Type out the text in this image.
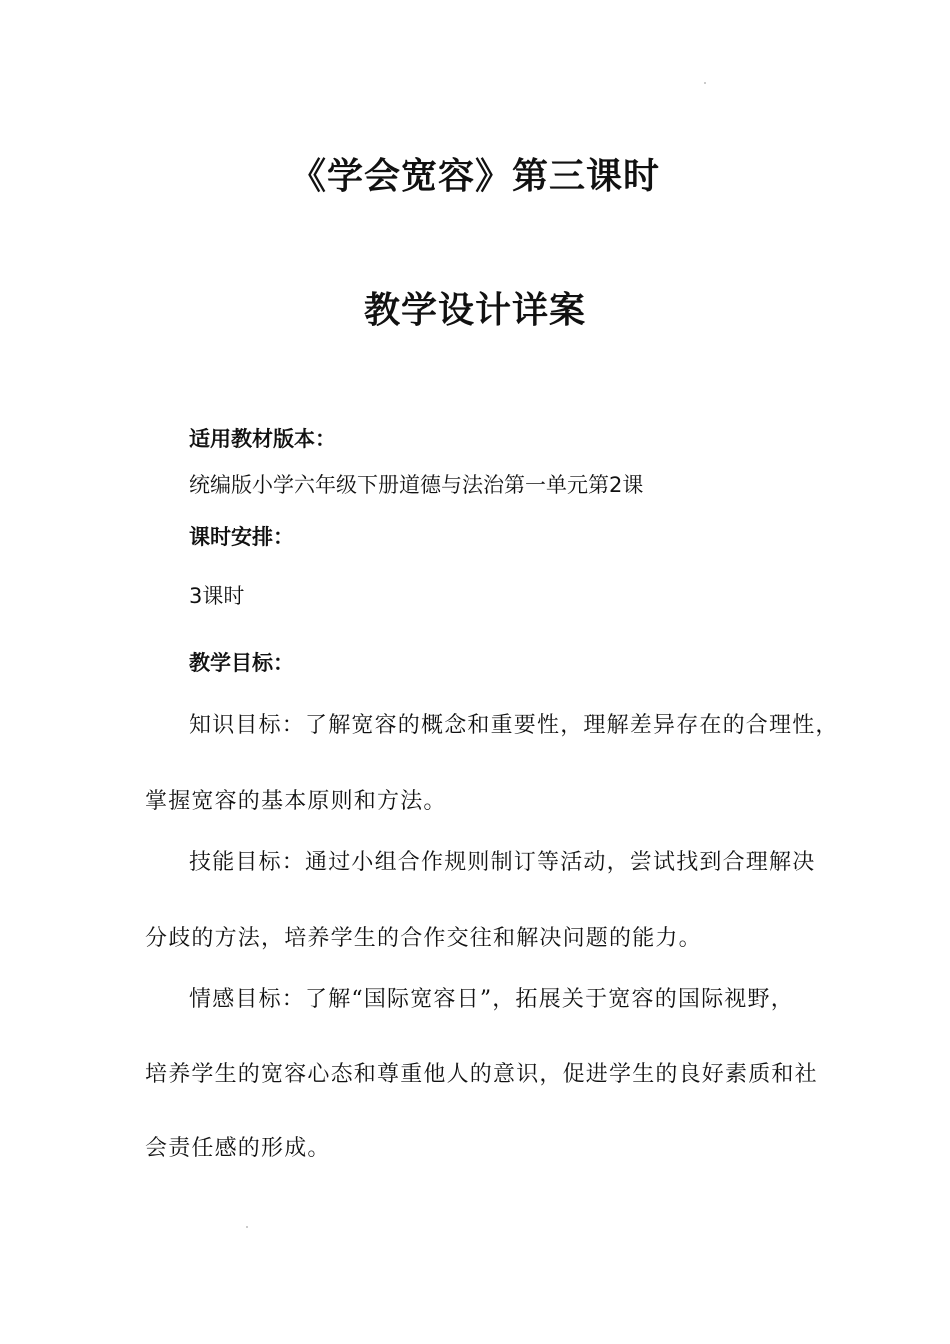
《学会宽容》第三课时
教学设计详案
适用教材版本：
统编版小学六年级下册道德与法治第一单元第2课
课时安排：
3课时
教学目标：
知识目标：了解宽容的概念和重要性，理解差异存在的合理性，
掌握宽容的基本原则和方法。
技能目标：通过小组合作规则制订等活动，尝试找到合理解决
分歧的方法，培养学生的合作交往和解决问题的能力。
情感目标：了解“国际宽容日”，拓展关于宽容的国际视野，
培养学生的宽容心态和尊重他人的意识，促进学生的良好素质和社
会责任感的形成。
